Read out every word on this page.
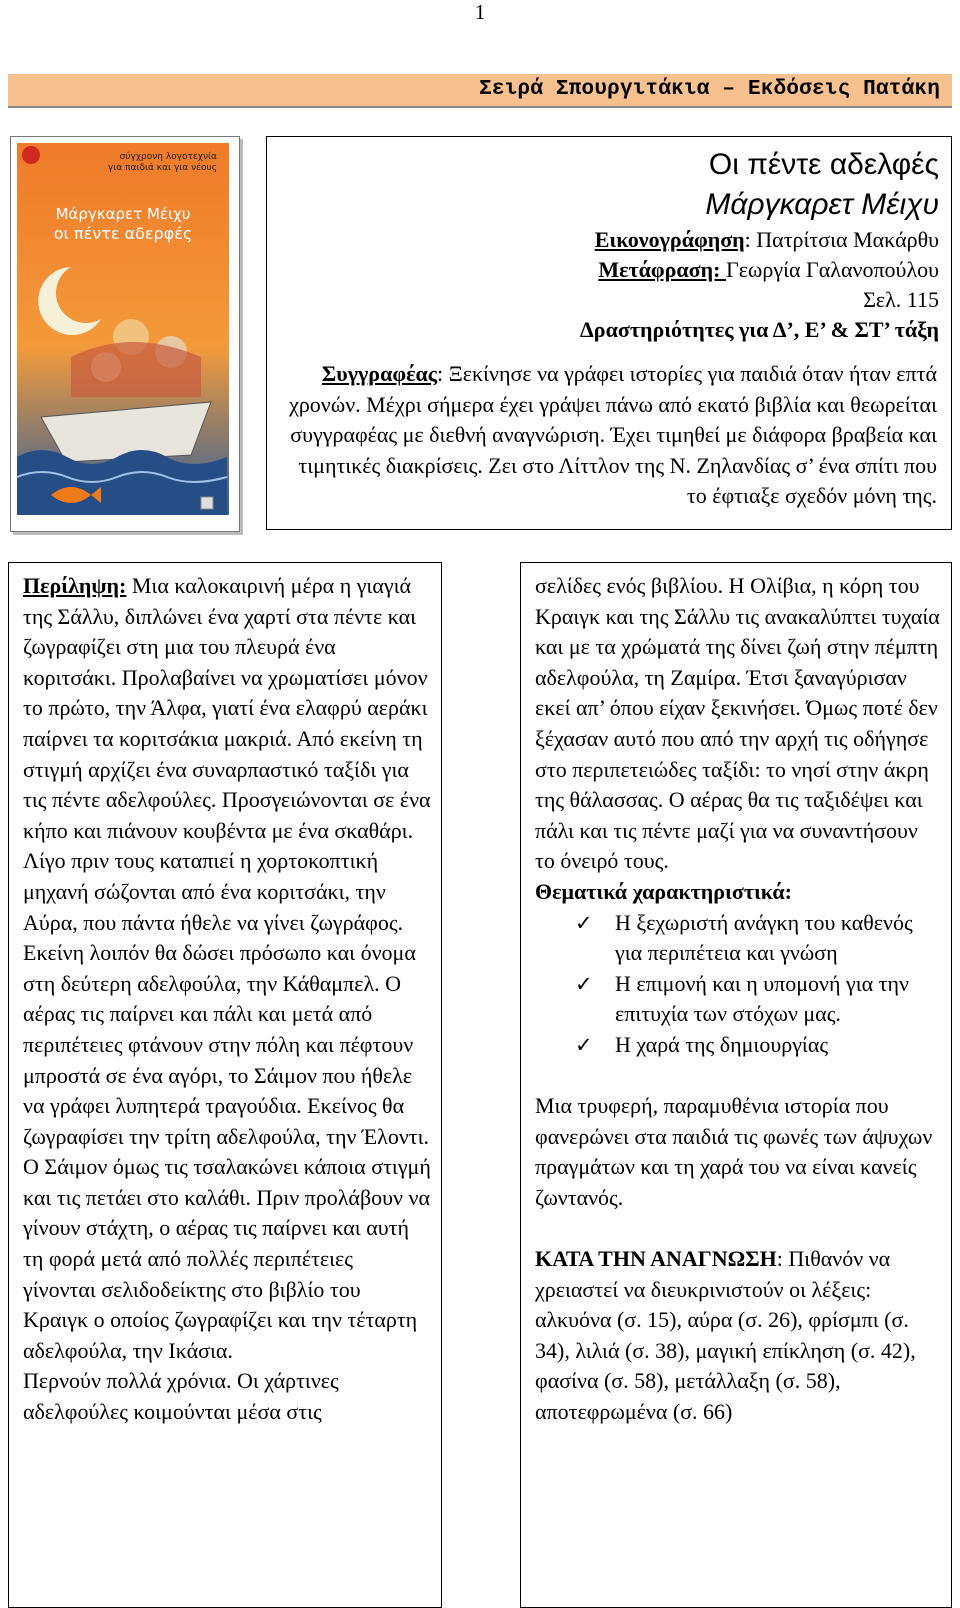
1
Σειρά Σπουργιτάκια – Εκδόσεις Πατάκη
σύγχρονη λογοτεχνία
για παιδιά και για νέους
Μάργκαρετ Μέιχυ
οι πέντε αδερφές
Οι πέντε αδελφές
Μάργκαρετ Μέιχυ
Εικονογράφηση: Πατρίτσια Μακάρθυ
Μετάφραση: Γεωργία Γαλανοπούλου
Σελ. 115
Δραστηριότητες για Δ’, Ε’ & ΣΤ’ τάξη
Συγγραφέας: Ξεκίνησε να γράφει ιστορίες για παιδιά όταν ήταν επτά χρονών. Μέχρι σήμερα έχει γράψει πάνω από εκατό βιβλία και θεωρείται συγγραφέας με διεθνή αναγνώριση. Έχει τιμηθεί με διάφορα βραβεία και τιμητικές διακρίσεις. Ζει στο Λίττλον της Ν. Ζηλανδίας σ’ ένα σπίτι που το έφτιαξε σχεδόν μόνη της.
Περίληψη: Μια καλοκαιρινή μέρα η γιαγιά της Σάλλυ, διπλώνει ένα χαρτί στα πέντε και ζωγραφίζει στη μια του πλευρά ένα κοριτσάκι. Προλαβαίνει να χρωματίσει μόνον το πρώτο, την Άλφα, γιατί ένα ελαφρύ αεράκι παίρνει τα κοριτσάκια μακριά. Από εκείνη τη στιγμή αρχίζει ένα συναρπαστικό ταξίδι για τις πέντε αδελφούλες. Προσγειώνονται σε ένα κήπο και πιάνουν κουβέντα με ένα σκαθάρι. Λίγο πριν τους καταπιεί η χορτοκοπτική μηχανή σώζονται από ένα κοριτσάκι, την Αύρα, που πάντα ήθελε να γίνει ζωγράφος. Εκείνη λοιπόν θα δώσει πρόσωπο και όνομα στη δεύτερη αδελφούλα, την Κάθαμπελ. Ο αέρας τις παίρνει και πάλι και μετά από περιπέτειες φτάνουν στην πόλη και πέφτουν μπροστά σε ένα αγόρι, το Σάιμον που ήθελε να γράφει λυπητερά τραγούδια. Εκείνος θα ζωγραφίσει την τρίτη αδελφούλα, την Έλοντι. Ο Σάιμον όμως τις τσαλακώνει κάποια στιγμή και τις πετάει στο καλάθι. Πριν προλάβουν να γίνουν στάχτη, ο αέρας τις παίρνει και αυτή τη φορά μετά από πολλές περιπέτειες γίνονται σελιδοδείκτης στο βιβλίο του Κραιγκ ο οποίος ζωγραφίζει και την τέταρτη αδελφούλα, την Ικάσια.
Περνούν πολλά χρόνια. Οι χάρτινες αδελφούλες κοιμούνται μέσα στις
σελίδες ενός βιβλίου. Η Ολίβια, η κόρη του Κραιγκ και της Σάλλυ τις ανακαλύπτει τυχαία και με τα χρώματά της δίνει ζωή στην πέμπτη αδελφούλα, τη Ζαμίρα. Έτσι ξαναγύρισαν εκεί απ’ όπου είχαν ξεκινήσει. Όμως ποτέ δεν ξέχασαν αυτό που από την αρχή τις οδήγησε στο περιπετειώδες ταξίδι: το νησί στην άκρη της θάλασσας. Ο αέρας θα τις ταξιδέψει και πάλι και τις πέντε μαζί για να συναντήσουν το όνειρό τους.
Θεματικά χαρακτηριστικά:
✓ Η ξεχωριστή ανάγκη του καθενός για περιπέτεια και γνώση
✓ Η επιμονή και η υπομονή για την επιτυχία των στόχων μας.
✓ Η χαρά της δημιουργίας
Μια τρυφερή, παραμυθένια ιστορία που φανερώνει στα παιδιά τις φωνές των άψυχων πραγμάτων και τη χαρά του να είναι κανείς ζωντανός.
ΚΑΤΑ ΤΗΝ ΑΝΑΓΝΩΣΗ: Πιθανόν να χρειαστεί να διευκρινιστούν οι λέξεις: αλκυόνα (σ. 15), αύρα (σ. 26), φρίσμπι (σ. 34), λιλιά (σ. 38), μαγική επίκληση (σ. 42), φασίνα (σ. 58), μετάλλαξη (σ. 58), αποτεφρωμένα (σ. 66)
